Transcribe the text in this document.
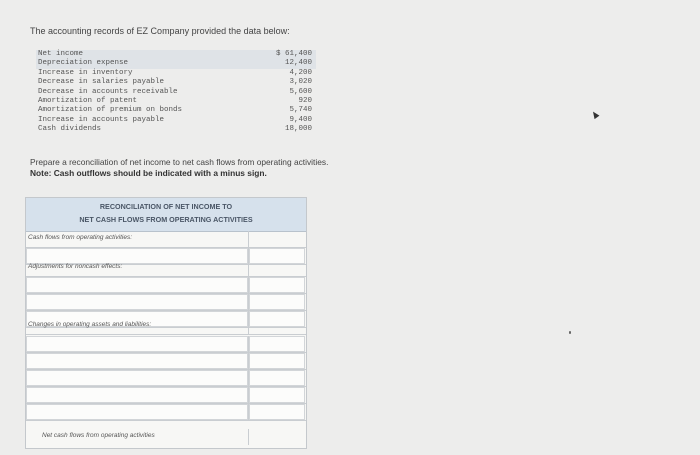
The accounting records of EZ Company provided the data below:
Net income	$ 61,400
Depreciation expense	12,400
Increase in inventory	4,200
Decrease in salaries payable	3,020
Decrease in accounts receivable	5,600
Amortization of patent	920
Amortization of premium on bonds	5,740
Increase in accounts payable	9,400
Cash dividends	18,000
Prepare a reconciliation of net income to net cash flows from operating activities.
Note: Cash outflows should be indicated with a minus sign.
RECONCILIATION OF NET INCOME TO
NET CASH FLOWS FROM OPERATING ACTIVITIES
Cash flows from operating activities:
Adjustments for noncash effects:
Changes in operating assets and liabilities:
Net cash flows from operating activities
